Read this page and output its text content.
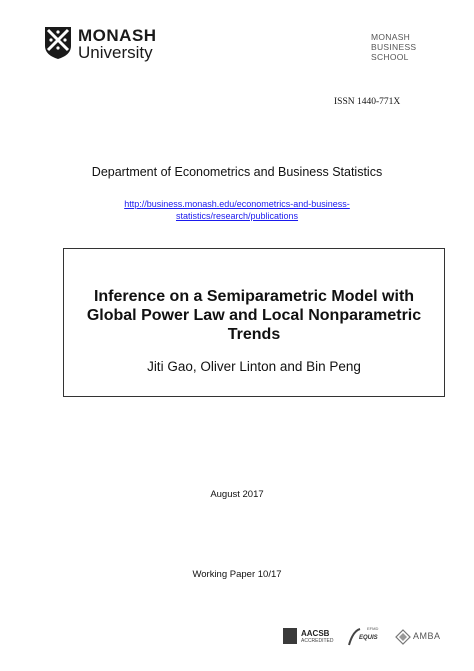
MONASH
University
MONASH
BUSINESS
SCHOOL
ISSN 1440-771X
Department of Econometrics and Business Statistics
http://business.monash.edu/econometrics-and-business-
statistics/research/publications
Inference on a Semiparametric Model with
Global Power Law and Local Nonparametric
Trends
Jiti Gao, Oliver Linton and Bin Peng
August 2017
Working Paper 10/17
AACSB
ACCREDITED
EFMD
EQUIS	AMBA
